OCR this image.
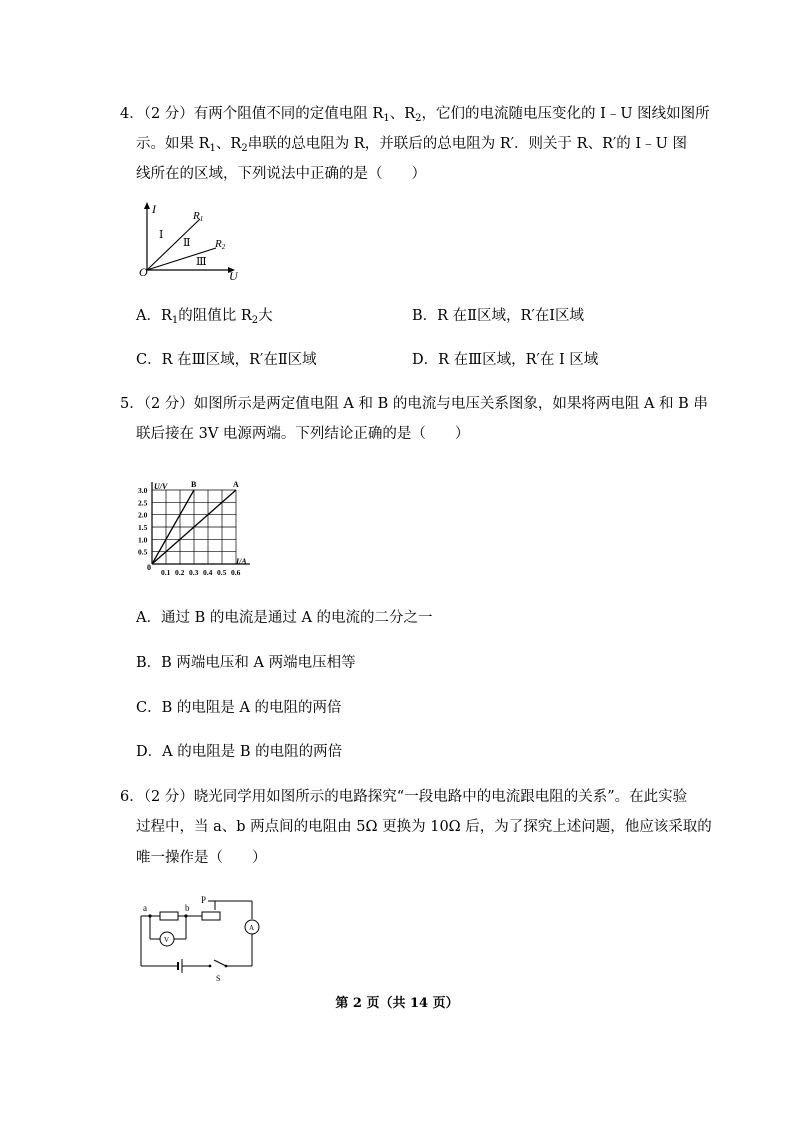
4．（2 分）有两个阻值不同的定值电阻 $R_1$、$R_2$，它们的电流随电压变化的 I﹣U 图线如图所
示。如果 $R_1$、$R_2$串联的总电阻为 R，并联后的总电阻为 R′．则关于 R、R′的 I﹣U 图
线所在的区域，下列说法中正确的是（　　）
I	R1
R2
Ⅰ
Ⅱ
Ⅲ
O	U
A．$R_1$的阻值比 $R_2$大	B．R 在Ⅱ区域，R′在Ⅰ区域
C．R 在Ⅲ区域，R′在Ⅱ区域	D．R 在Ⅲ区域，R′在 I 区域
5．（2 分）如图所示是两定值电阻 A 和 B 的电流与电压关系图象，如果将两电阻 A 和 B 串
联后接在 3V 电源两端。下列结论正确的是（　　）
B	A
0.1 0.2 0.3 0.4 0.5 0.6
0.5
1.0
1.5
2.0
2.5
3.0 U/V
I/A
0
A．通过 B 的电流是通过 A 的电流的二分之一
B．B 两端电压和 A 两端电压相等
C．B 的电阻是 A 的电阻的两倍
D．A 的电阻是 B 的电阻的两倍
6．（2 分）晓光同学用如图所示的电路探究“一段电路中的电流跟电阻的关系”。在此实验
过程中，当 a、b 两点间的电阻由 5Ω 更换为 10Ω 后，为了探究上述问题，他应该采取的
唯一操作是（　　）
a	b
P
V
A
S
第 2 页（共 14 页）
